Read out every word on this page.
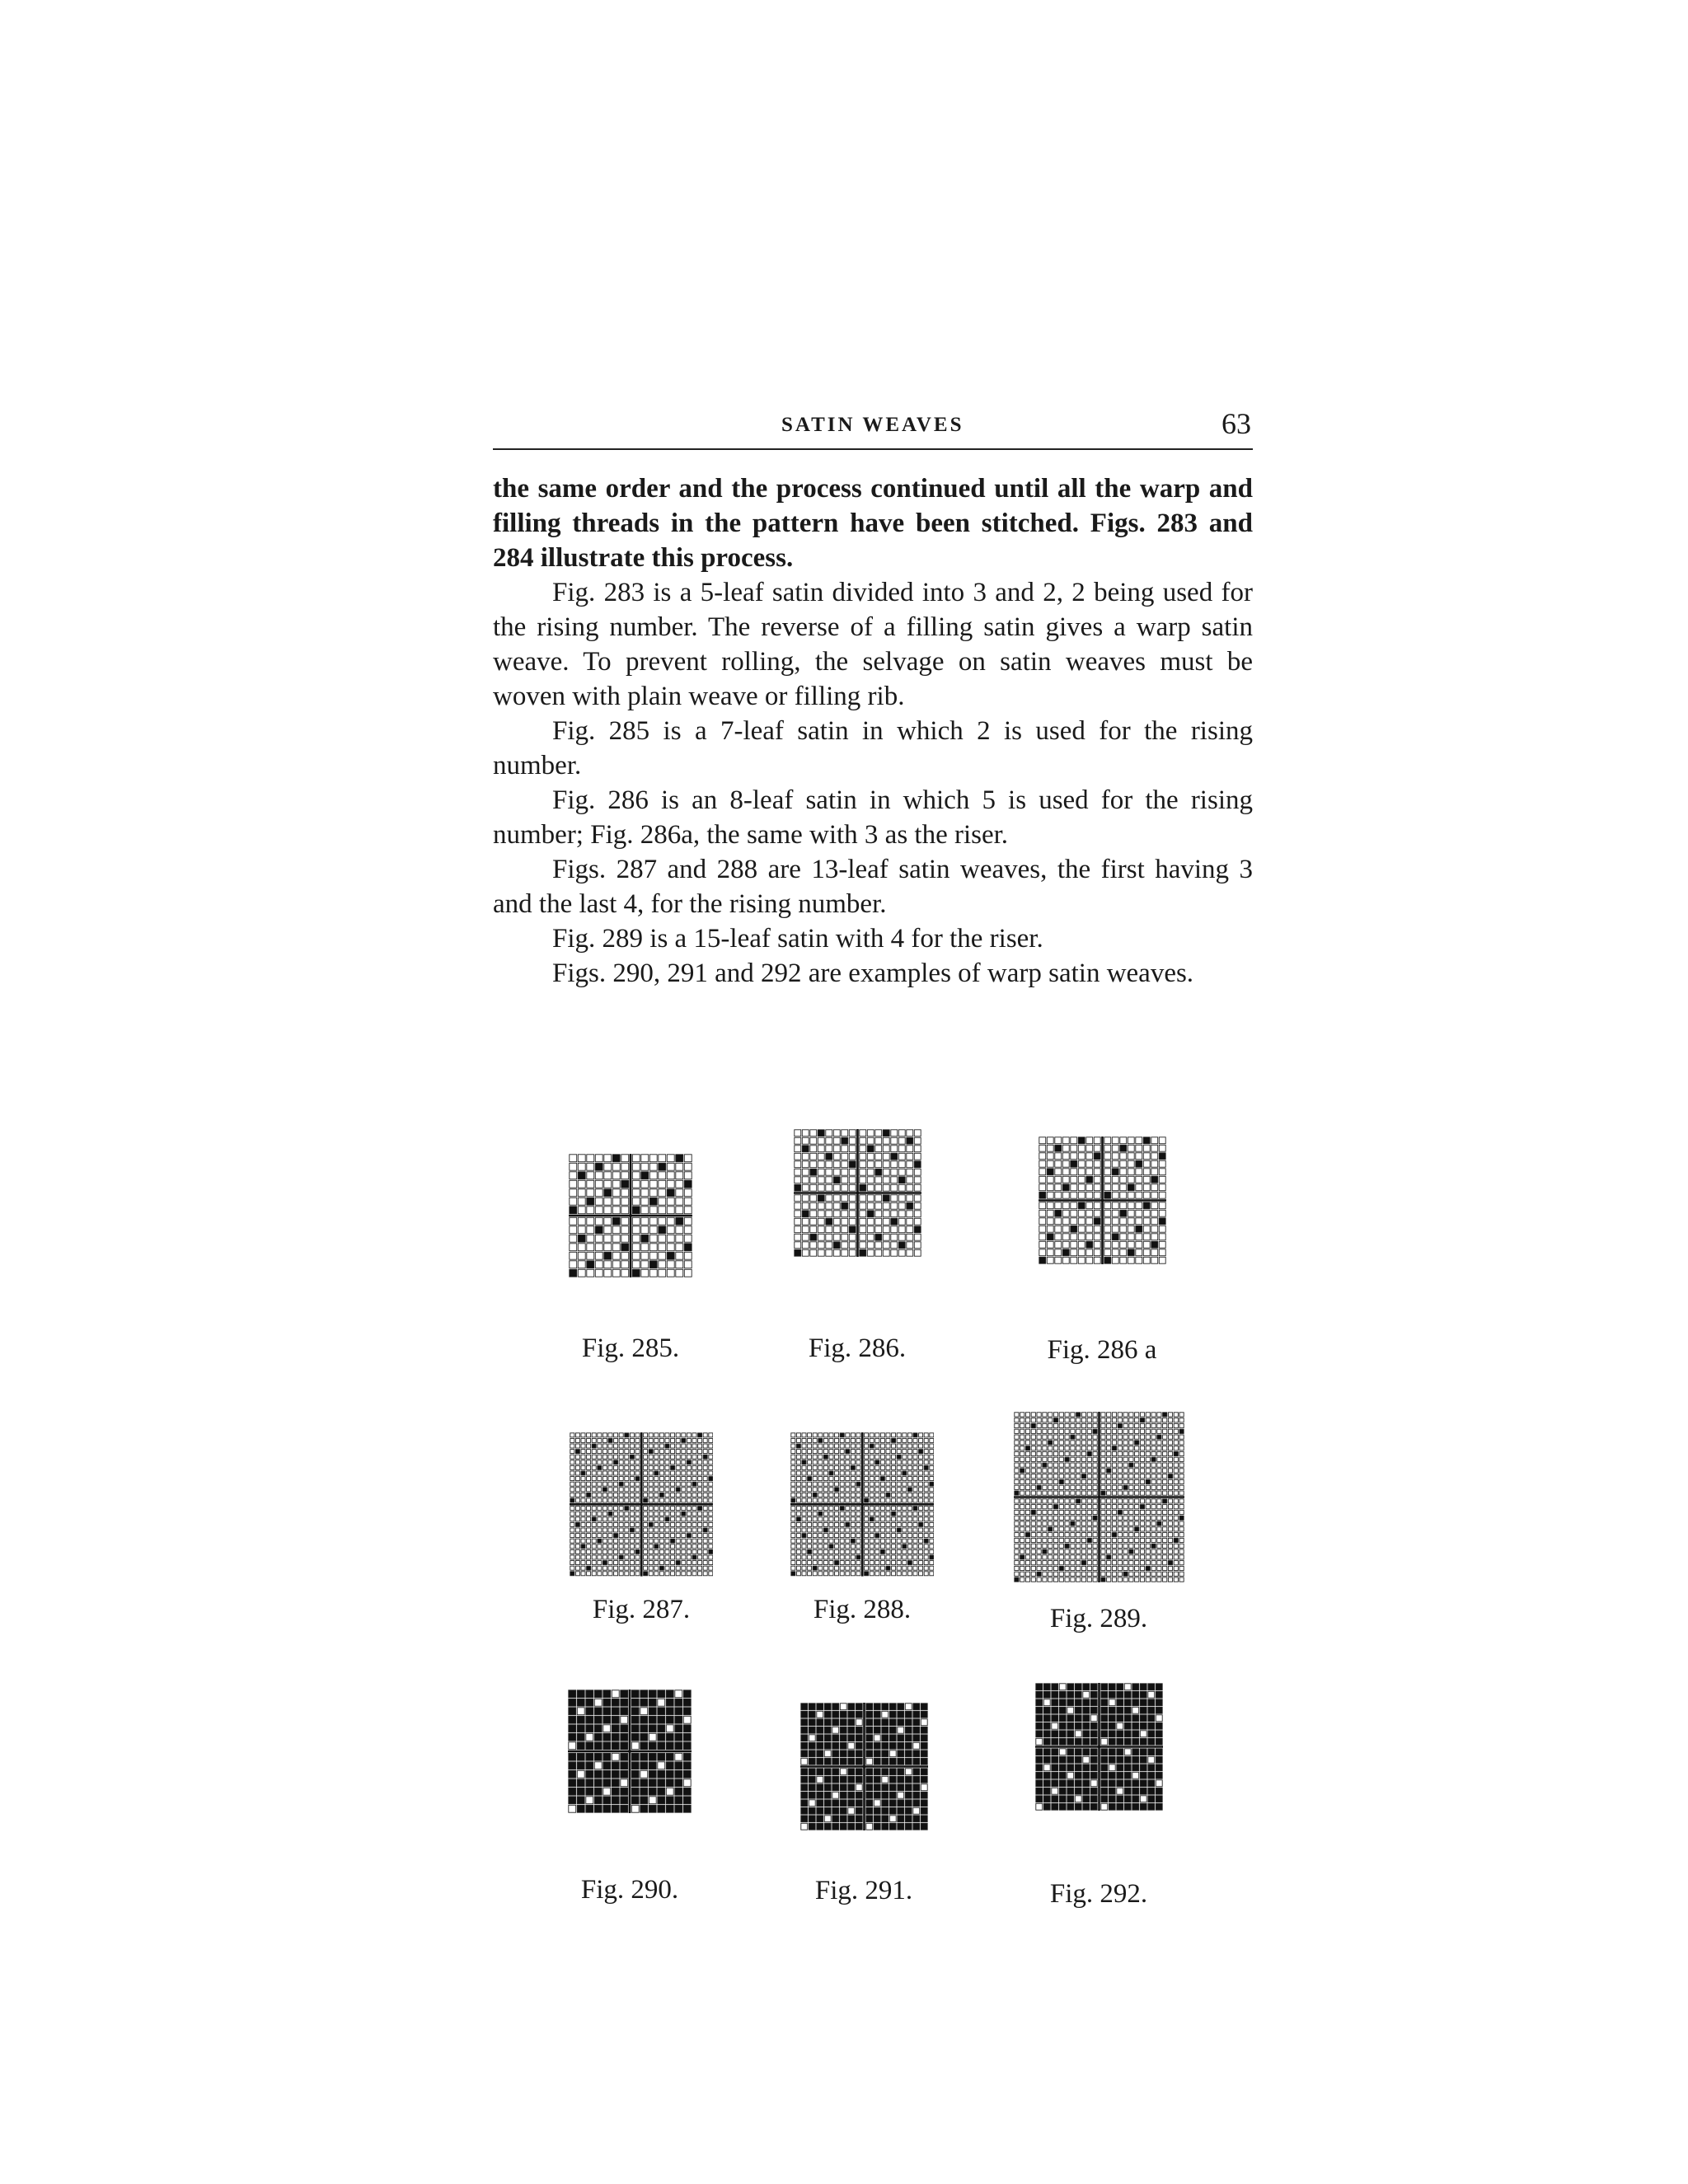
SATIN WEAVES	63

the same order and the process continued until all the warp and filling threads in the pattern have been stitched. Figs. 283 and 284 illustrate this process.

Fig. 283 is a 5-leaf satin divided into 3 and 2, 2 being used for the rising number. The reverse of a filling satin gives a warp satin weave. To prevent rolling, the selvage on satin weaves must be woven with plain weave or filling rib.

Fig. 285 is a 7-leaf satin in which 2 is used for the rising number.

Fig. 286 is an 8-leaf satin in which 5 is used for the rising number; Fig. 286a, the same with 3 as the riser.

Figs. 287 and 288 are 13-leaf satin weaves, the first having 3 and the last 4, for the rising number.

Fig. 289 is a 15-leaf satin with 4 for the riser.

Figs. 290, 291 and 292 are examples of warp satin weaves.

Fig. 285.	Fig. 286.	Fig. 286 a
Fig. 287.	Fig. 288.	Fig. 289.
Fig. 290.	Fig. 291.	Fig. 292.
